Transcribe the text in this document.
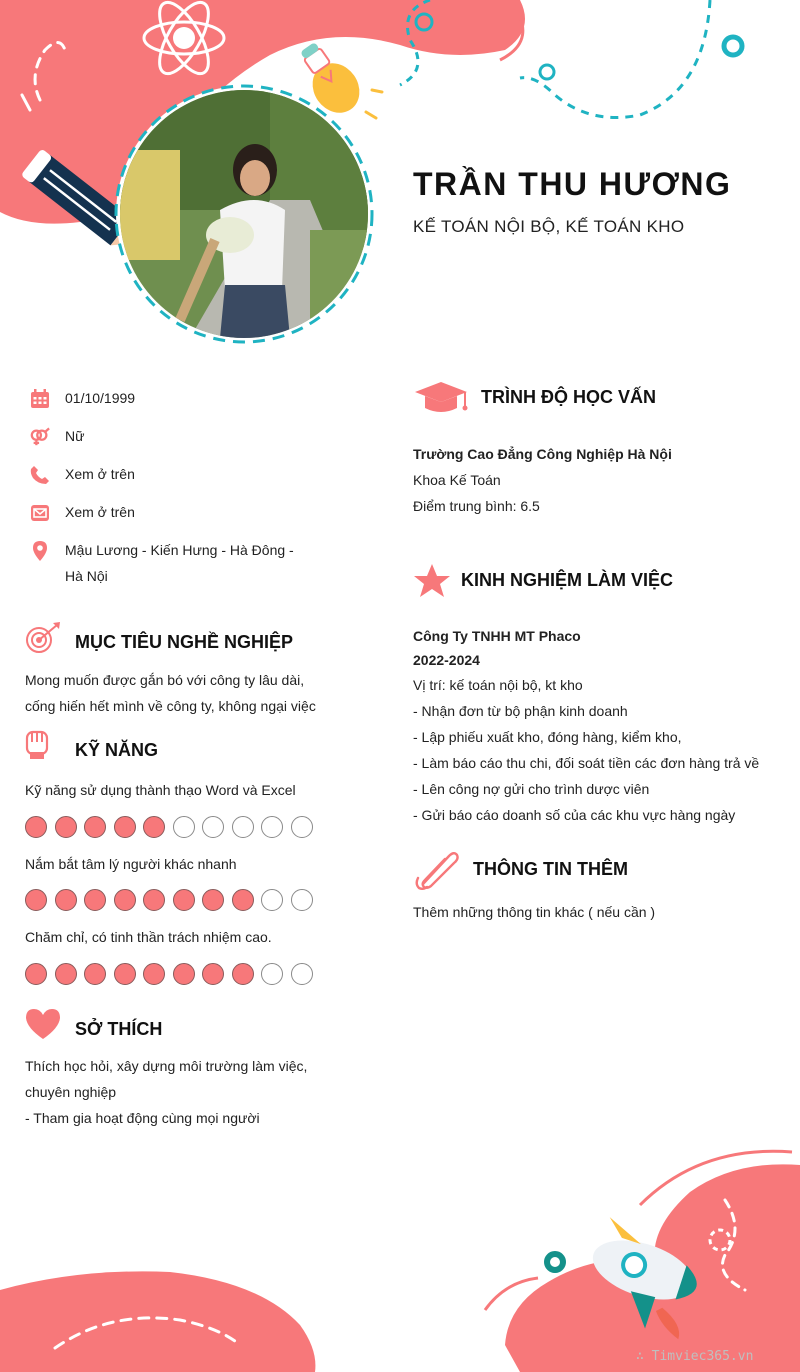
TRẦN THU HƯƠNG
KẾ TOÁN NỘI BỘ, KẾ TOÁN KHO
01/10/1999
Nữ
Xem ở trên
Xem ở trên
Mậu Lương - Kiến Hưng - Hà Đông - Hà Nội
MỤC TIÊU NGHỀ NGHIỆP
Mong muốn được gắn bó với công ty lâu dài,
cống hiến hết mình về công ty, không ngại việc
KỸ NĂNG
Kỹ năng sử dụng thành thạo Word và Excel
Nắm bắt tâm lý người khác nhanh
Chăm chỉ, có tinh thần trách nhiệm cao.
SỞ THÍCH
Thích học hỏi, xây dựng môi trường làm việc,
chuyên nghiệp
- Tham gia hoạt động cùng mọi người
TRÌNH ĐỘ HỌC VẤN
Trường Cao Đẳng Công Nghiệp Hà Nội
Khoa Kế Toán
Điểm trung bình: 6.5
KINH NGHIỆM LÀM VIỆC
Công Ty TNHH MT Phaco
2022-2024
Vị trí: kế toán nội bộ, kt kho
- Nhận đơn từ bộ phận kinh doanh
- Lập phiếu xuất kho, đóng hàng, kiểm kho,
- Làm báo cáo thu chi, đối soát tiền các đơn hàng trả về
- Lên công nợ gửi cho trình dược viên
- Gửi báo cáo doanh số của các khu vực hàng ngày
THÔNG TIN THÊM
Thêm những thông tin khác ( nếu cần )
∴ Timviec365.vn
